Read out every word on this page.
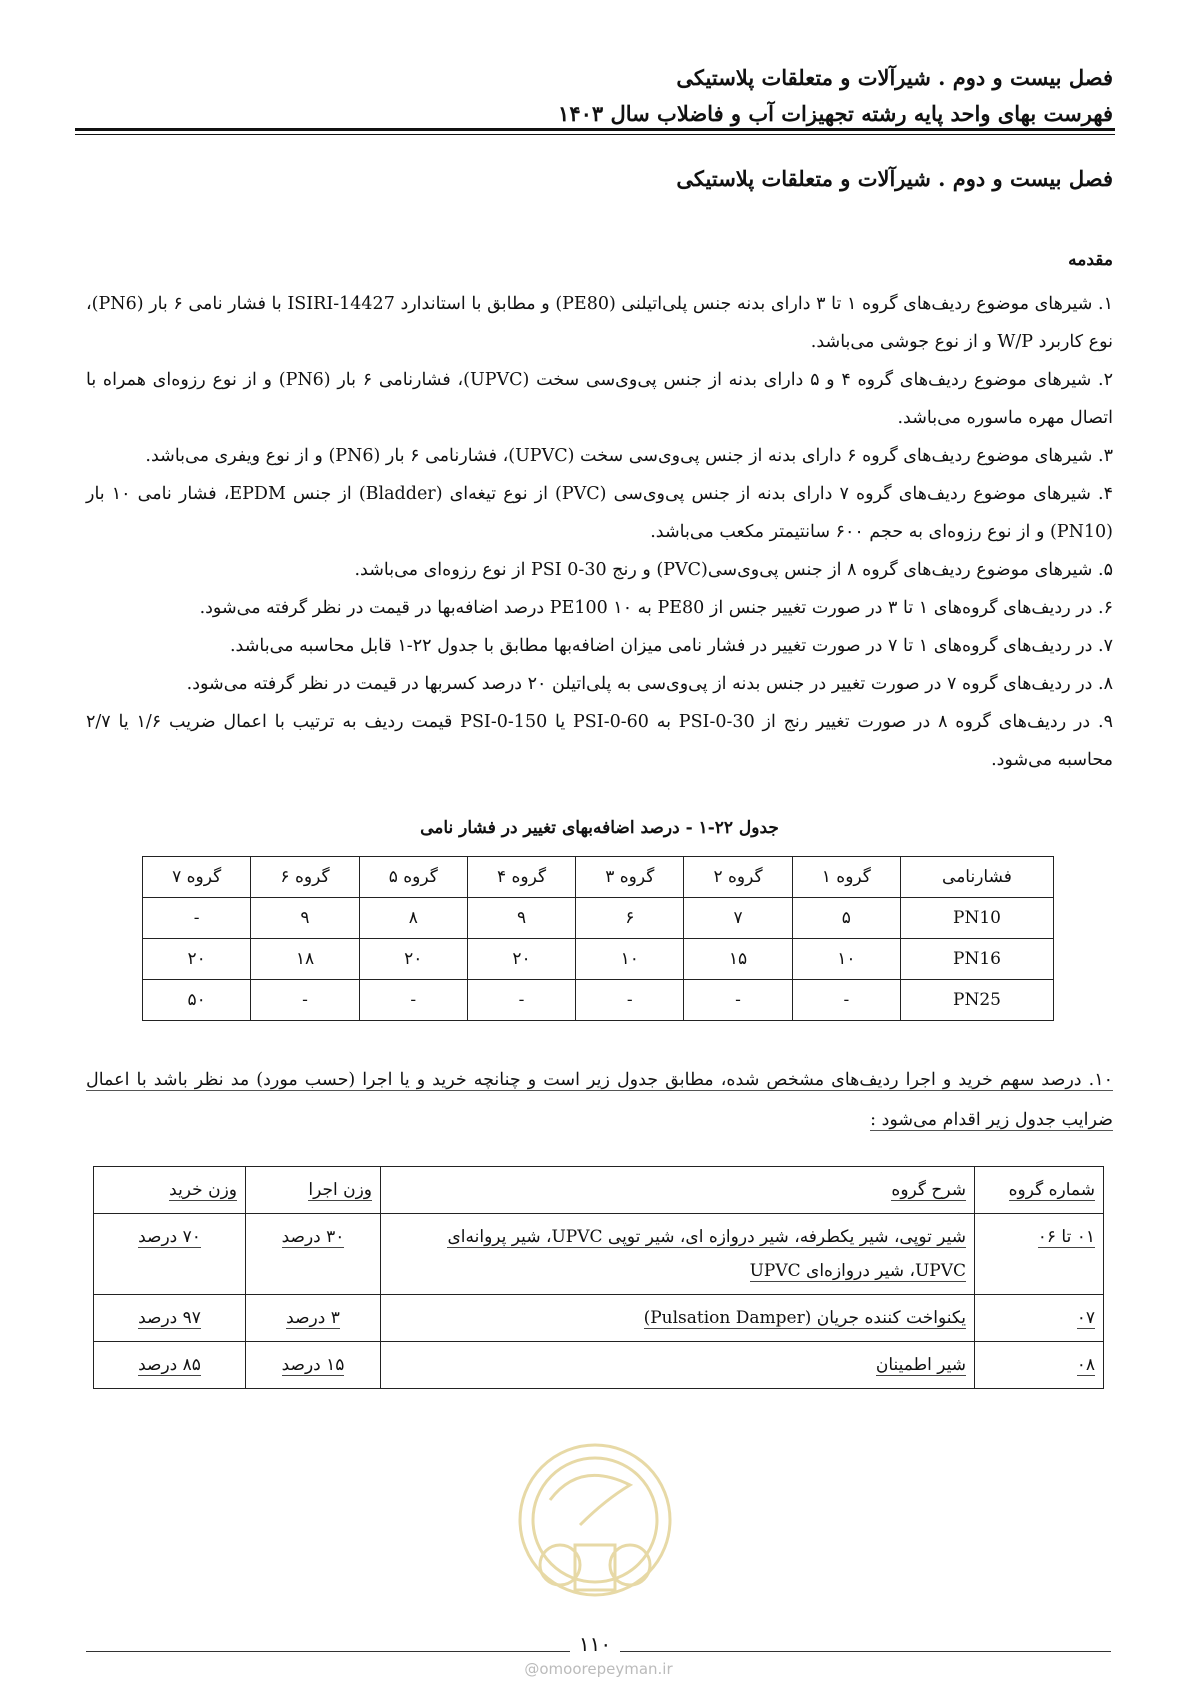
فصل بیست و دوم . شیرآلات و متعلقات پلاستیکی
فهرست بهای واحد پایه رشته تجهیزات آب و فاضلاب سال ۱۴۰۳
فصل بیست و دوم . شیرآلات و متعلقات پلاستیکی
مقدمه

۱. شیرهای موضوع ردیف‌های گروه ۱ تا ۳ دارای بدنه جنس پلی‌اتیلنی (PE80) و مطابق با استاندارد ISIRI-14427 با فشار نامی ۶ بار (PN6)، نوع کاربرد W/P و از نوع جوشی می‌باشد.

۲. شیرهای موضوع ردیف‌های گروه ۴ و ۵ دارای بدنه از جنس پی‌وی‌سی سخت (UPVC)، فشارنامی ۶ بار (PN6) و از نوع رزوه‌ای همراه با اتصال مهره ماسوره می‌باشد.

۳. شیرهای موضوع ردیف‌های گروه ۶ دارای بدنه از جنس پی‌وی‌سی سخت (UPVC)، فشارنامی ۶ بار (PN6) و از نوع ویفری می‌باشد.

۴. شیرهای موضوع ردیف‌های گروه ۷ دارای بدنه از جنس پی‌وی‌سی (PVC) از نوع تیغه‌ای (Bladder) از جنس EPDM، فشار نامی ۱۰ بار (PN10) و از نوع رزوه‌ای به حجم ۶۰۰ سانتیمتر مکعب می‌باشد.

۵. شیرهای موضوع ردیف‌های گروه ۸ از جنس پی‌وی‌سی(PVC) و رنج PSI 0-30 از نوع رزوه‌ای می‌باشد.

۶. در ردیف‌های گروه‌های ۱ تا ۳ در صورت تغییر جنس از PE80 به PE100 ۱۰ درصد اضافه‌بها در قیمت در نظر گرفته می‌شود.

۷. در ردیف‌های گروه‌های ۱ تا ۷ در صورت تغییر در فشار نامی میزان اضافه‌بها مطابق با جدول ۲۲-۱ قابل محاسبه می‌باشد.

۸. در ردیف‌های گروه ۷ در صورت تغییر در جنس بدنه از پی‌وی‌سی به پلی‌اتیلن ۲۰ درصد کسربها در قیمت در نظر گرفته می‌شود.

۹. در ردیف‌های گروه ۸ در صورت تغییر رنج از PSI-0-30 به PSI-0-60 یا PSI-0-150 قیمت ردیف به ترتیب با اعمال ضریب ۱/۶ یا ۲/۷ محاسبه می‌شود.

جدول ۲۲-۱ - درصد اضافه‌بهای تغییر در فشار نامی
فشارنامی	گروه ۱	گروه ۲	گروه ۳	گروه ۴	گروه ۵	گروه ۶	گروه ۷
PN10	۵	۷	۶	۹	۸	۹	-
PN16	۱۰	۱۵	۱۰	۲۰	۲۰	۱۸	۲۰
PN25	-	-	-	-	-	-	۵۰
۱۰. درصد سهم خرید و اجرا ردیف‌های مشخص شده، مطابق جدول زیر است و چنانچه خرید و یا اجرا (حسب مورد) مد نظر باشد با اعمال ضرایب جدول زیر اقدام می‌شود :
شماره گروه	شرح گروه	وزن اجرا	وزن خرید
۰۱ تا ۰۶	شیر توپی، شیر یکطرفه، شیر دروازه ای، شیر توپی UPVC، شیر پروانه‌ای UPVC، شیر دروازه‌ای UPVC	۳۰ درصد	۷۰ درصد
۰۷	یکنواخت کننده جریان (Pulsation Damper)	۳ درصد	۹۷ درصد
۰۸	شیر اطمینان	۱۵ درصد	۸۵ درصد
۱۱۰
@omoorepeyman.ir
